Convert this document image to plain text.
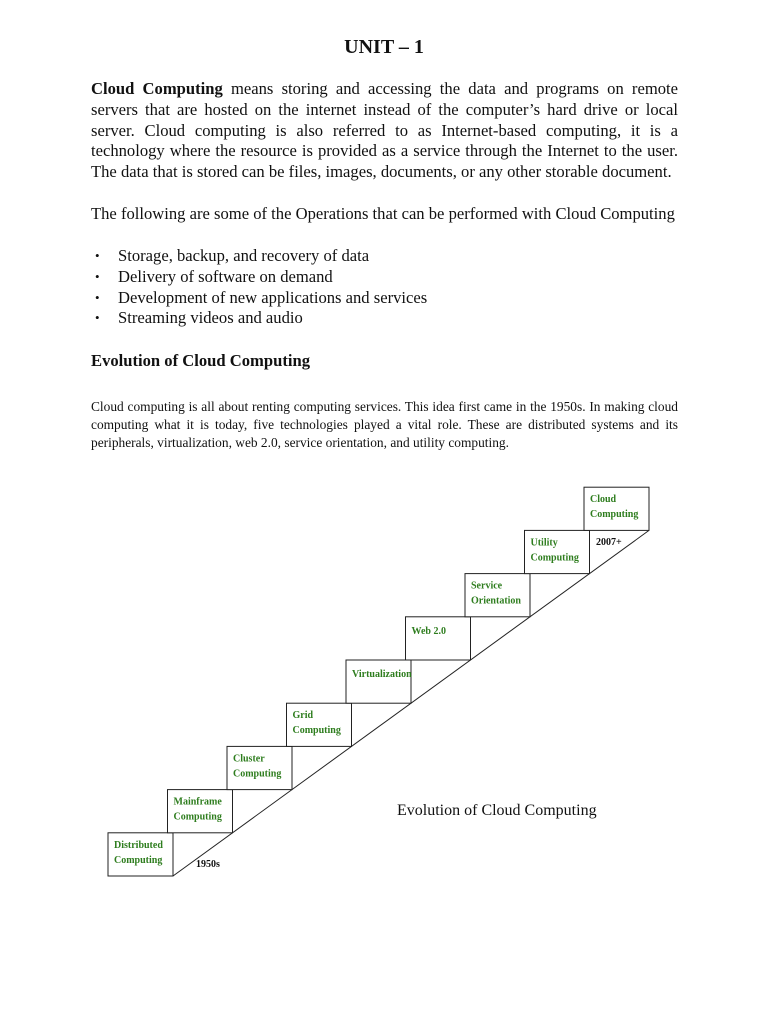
UNIT – 1

Cloud Computing means storing and accessing the data and programs on remote servers that are hosted on the internet instead of the computer’s hard drive or local server. Cloud computing is also referred to as Internet-based computing, it is a technology where the resource is provided as a service through the Internet to the user. The data that is stored can be files, images, documents, or any other storable document.

The following are some of the Operations that can be performed with Cloud Computing

• Storage, backup, and recovery of data
• Delivery of software on demand
• Development of new applications and services
• Streaming videos and audio
Evolution of Cloud Computing

Cloud computing is all about renting computing services. This idea first came in the 1950s. In making cloud computing what it is today, five technologies played a vital role. These are distributed systems and its peripherals, virtualization, web 2.0, service orientation, and utility computing.

Distributed Computing
Mainframe Computing
Cluster Computing
Grid Computing
Virtualization
Web 2.0
Service Orientation
Utility Computing
Cloud Computing
1950s
2007+
Evolution of Cloud Computing
